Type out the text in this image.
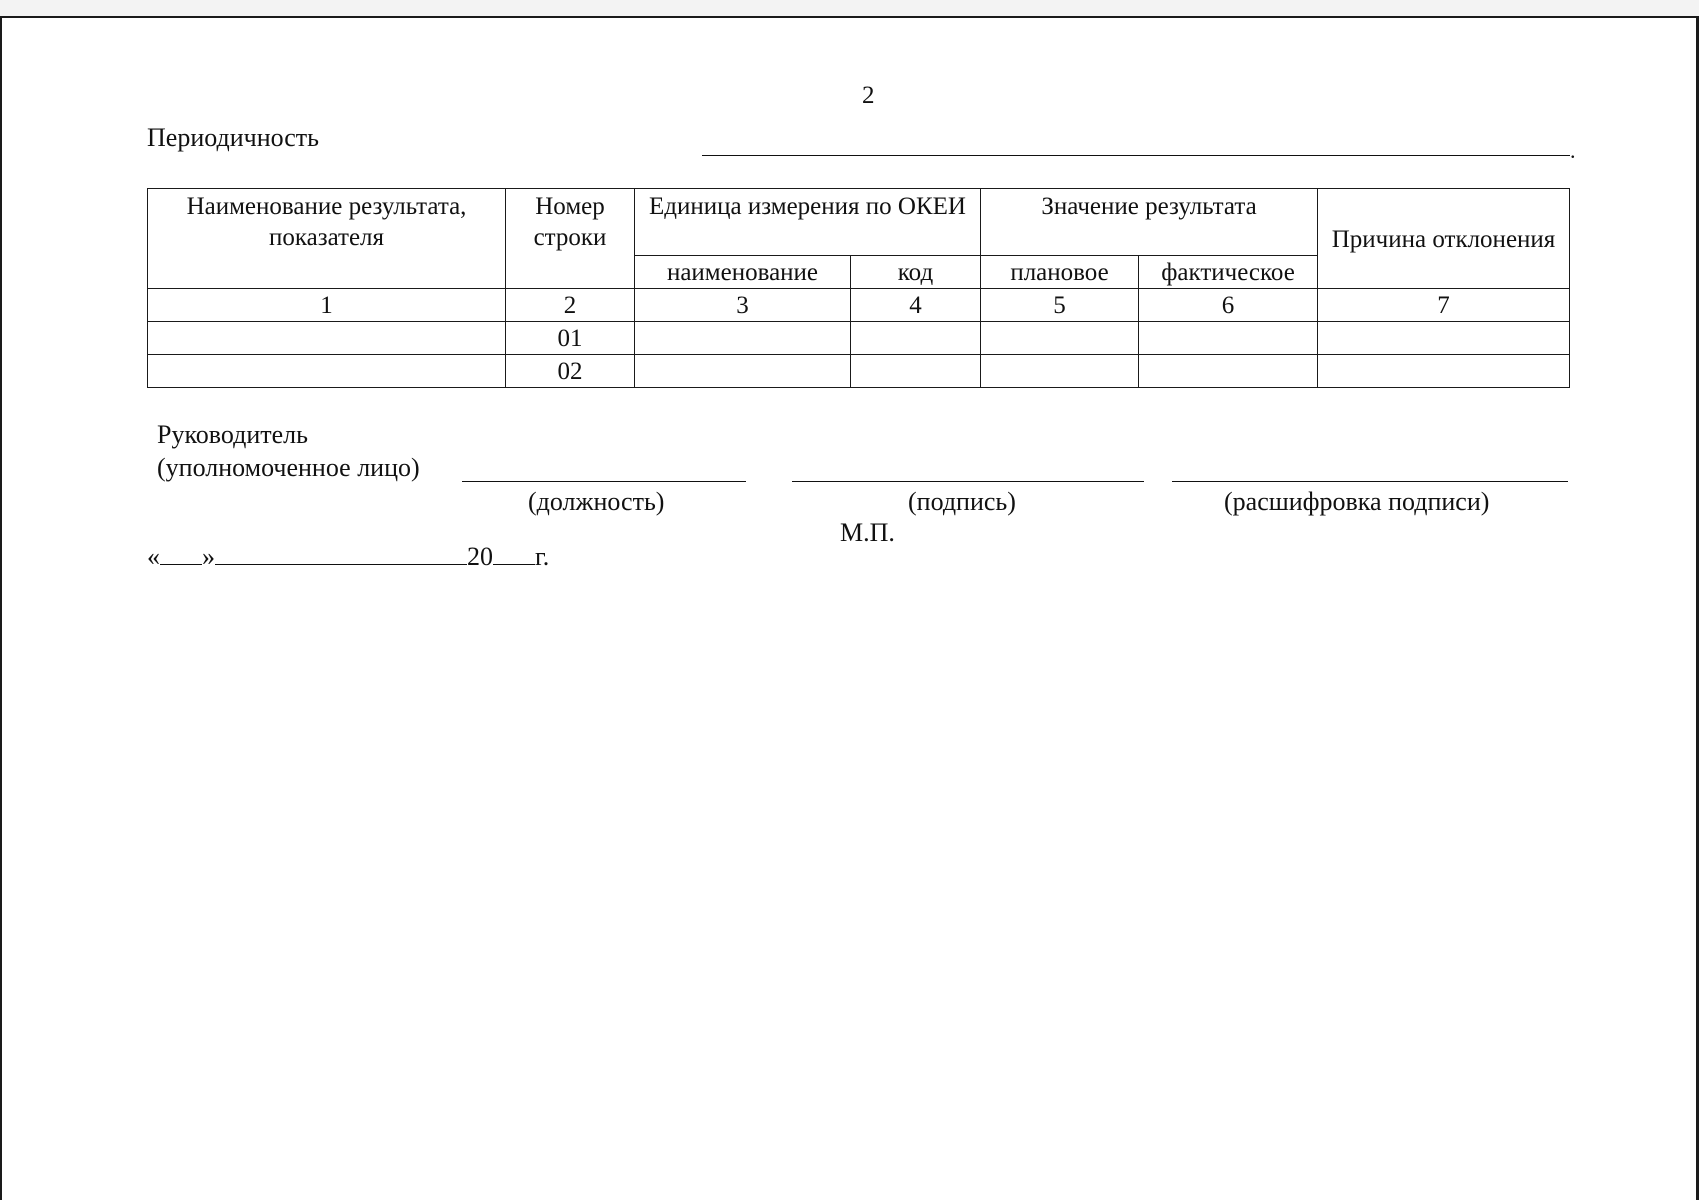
2
Периодичность	.
Наименование результата, показателя	Номер строки	Единица измерения по ОКЕИ		Значение результата		Причина отклонения
		наименование	код	плановое	фактическое	
1	2	3	4	5	6	7
	01					
	02					
Руководитель
(уполномоченное лицо)
(должность)	(подпись)	(расшифровка подписи)
М.П.
« »	20 г.
